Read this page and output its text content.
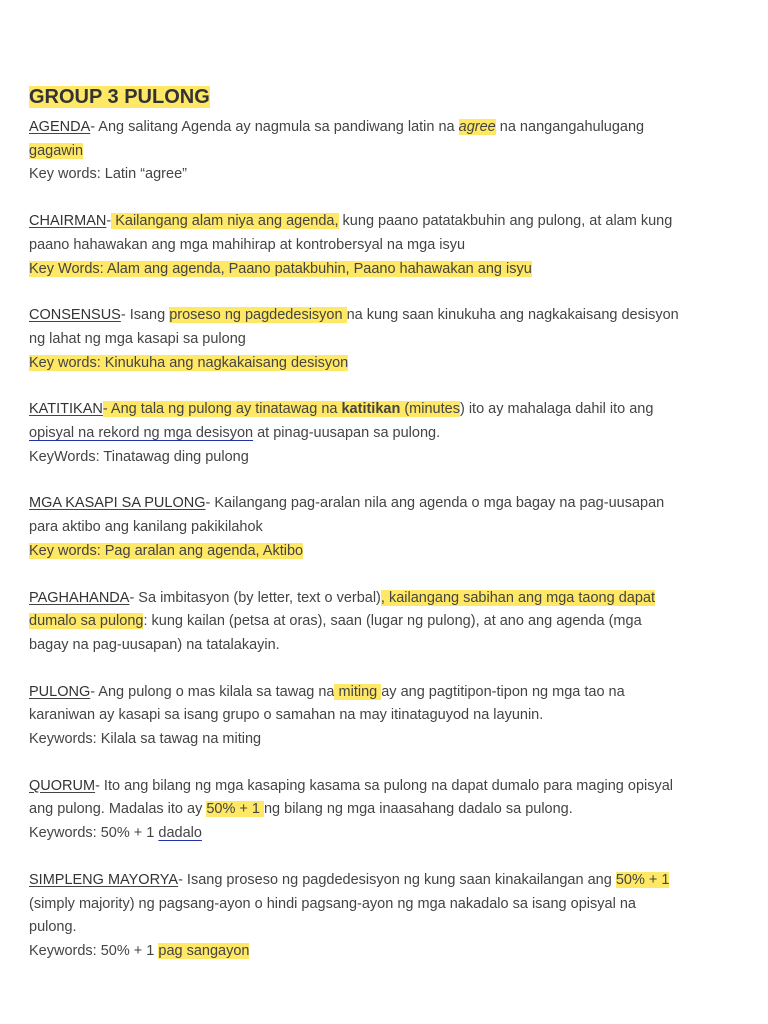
GROUP 3 PULONG

AGENDA- Ang salitang Agenda ay nagmula sa pandiwang latin na agree na nangangahulugang

gagawin

Key words: Latin “agree”

CHAIRMAN- Kailangang alam niya ang agenda, kung paano patatakbuhin ang pulong, at alam kung

paano hahawakan ang mga mahihirap at kontrobersyal na mga isyu

Key Words: Alam ang agenda, Paano patakbuhin, Paano hahawakan ang isyu

CONSENSUS- Isang proseso ng pagdedesisyon na kung saan kinukuha ang nagkakaisang desisyon

ng lahat ng mga kasapi sa pulong

Key words: Kinukuha ang nagkakaisang desisyon

KATITIKAN- Ang tala ng pulong ay tinatawag na katitikan (minutes) ito ay mahalaga dahil ito ang

opisyal na rekord ng mga desisyon at pinag-uusapan sa pulong.

KeyWords: Tinatawag ding pulong

MGA KASAPI SA PULONG- Kailangang pag-aralan nila ang agenda o mga bagay na pag-uusapan

para aktibo ang kanilang pakikilahok

Key words: Pag aralan ang agenda, Aktibo

PAGHAHANDA- Sa imbitasyon (by letter, text o verbal), kailangang sabihan ang mga taong dapat

dumalo sa pulong: kung kailan (petsa at oras), saan (lugar ng pulong), at ano ang agenda (mga

bagay na pag-uusapan) na tatalakayin.

PULONG- Ang pulong o mas kilala sa tawag na miting ay ang pagtitipon-tipon ng mga tao na

karaniwan ay kasapi sa isang grupo o samahan na may itinataguyod na layunin.

Keywords: Kilala sa tawag na miting

QUORUM- Ito ang bilang ng mga kasaping kasama sa pulong na dapat dumalo para maging opisyal

ang pulong. Madalas ito ay 50% + 1 ng bilang ng mga inaasahang dadalo sa pulong.

Keywords: 50% + 1 dadalo

SIMPLENG MAYORYA- Isang proseso ng pagdedesisyon ng kung saan kinakailangan ang 50% + 1

(simply majority) ng pagsang-ayon o hindi pagsang-ayon ng mga nakadalo sa isang opisyal na

pulong.

Keywords: 50% + 1 pag sangayon
